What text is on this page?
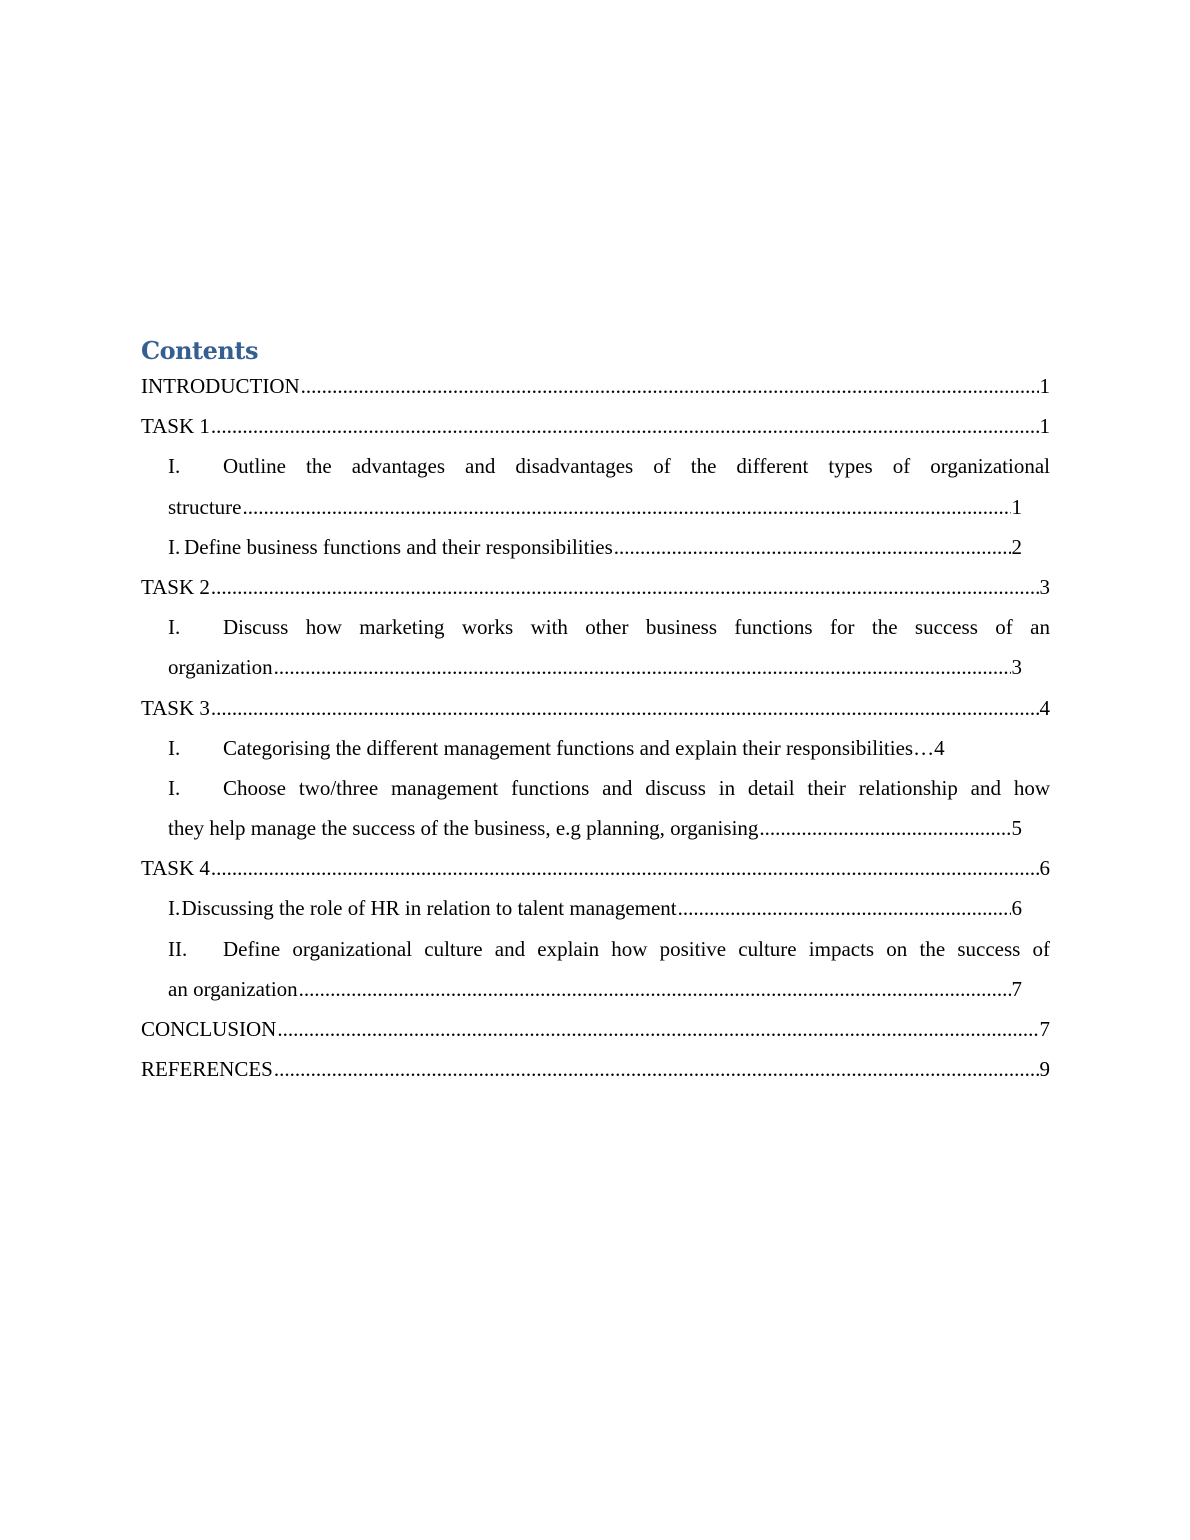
Contents
INTRODUCTION .....	1
TASK 1 .....	1
I.	Outline the advantages and disadvantages of the different types of organizational
structure .....	1
I. Define business functions and their responsibilities .....	2
TASK 2 .....	3
I.	Discuss how marketing works with other business functions for the success of an
organization .....	3
TASK 3 .....	4
I.	Categorising the different management functions and explain their responsibilities… 4
I.	Choose two/three management functions and discuss in detail their relationship and how
they help manage the success of the business, e.g planning, organising .....	5
TASK 4 .....	6
I. Discussing the role of HR in relation to talent management .....	6
II.	Define organizational culture and explain how positive culture impacts on the success of
an organization .....	7
CONCLUSION .....	7
REFERENCES .....	9
